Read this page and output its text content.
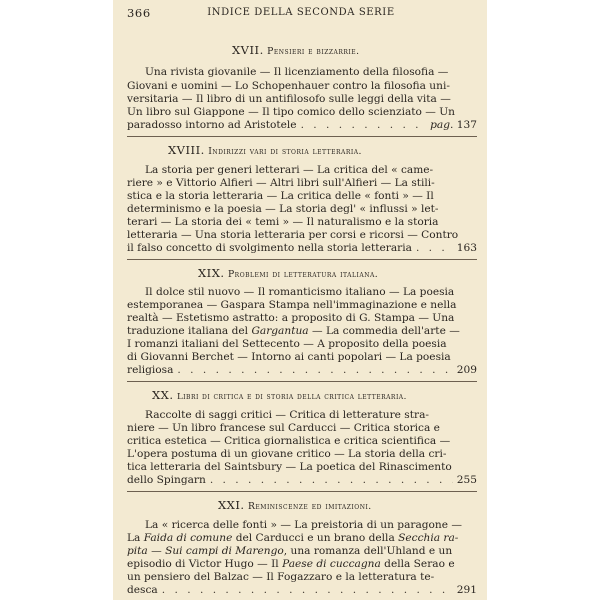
366	INDICE DELLA SECONDA SERIE
XVII. Pensieri e bizzarrie.
Una rivista giovanile — Il licenziamento della filosofia —
Giovani e uomini — Lo Schopenhauer contro la filosofia uni-
versitaria — Il libro di un antifilosofo sulle leggi della vita —
Un libro sul Giappone — Il tipo comico dello scienziato — Un
paradosso intorno ad Aristotele . . .	pag. 137
XVIII. Indirizzi vari di storia letteraria.
La storia per generi letterari — La critica del « came-
riere » e Vittorio Alfieri — Altri libri sull'Alfieri — La stili-
stica e la storia letteraria — La critica delle « fonti » — Il
determinismo e la poesia — La storia degl' « influssi » let-
terari — La storia dei « temi » — Il naturalismo e la storia
letteraria — Una storia letteraria per corsi e ricorsi — Contro
il falso concetto di svolgimento nella storia letteraria . . .	163
XIX. Problemi di letteratura italiana.
Il dolce stil nuovo — Il romanticismo italiano — La poesia
estemporanea — Gaspara Stampa nell'immaginazione e nella
realtà — Estetismo astratto: a proposito di G. Stampa — Una
traduzione italiana del Gargantua — La commedia dell'arte —
I romanzi italiani del Settecento — A proposito della poesia
di Giovanni Berchet — Intorno ai canti popolari — La poesia
religiosa . . .	209
XX. Libri di critica e di storia della critica letteraria.
Raccolte di saggi critici — Critica di letterature stra-
niere — Un libro francese sul Carducci — Critica storica e
critica estetica — Critica giornalistica e critica scientifica —
L'opera postuma di un giovane critico — La storia della cri-
tica letteraria del Saintsbury — La poetica del Rinascimento
dello Spingarn . . .	255
XXI. Reminiscenze ed imitazioni.
La « ricerca delle fonti » — La preistoria di un paragone —
La Faida di comune del Carducci e un brano della Secchia ra-
pita — Sui campi di Marengo, una romanza dell'Uhland e un
episodio di Victor Hugo — Il Paese di cuccagna della Serao e
un pensiero del Balzac — Il Fogazzaro e la letteratura te-
desca . . .	291
